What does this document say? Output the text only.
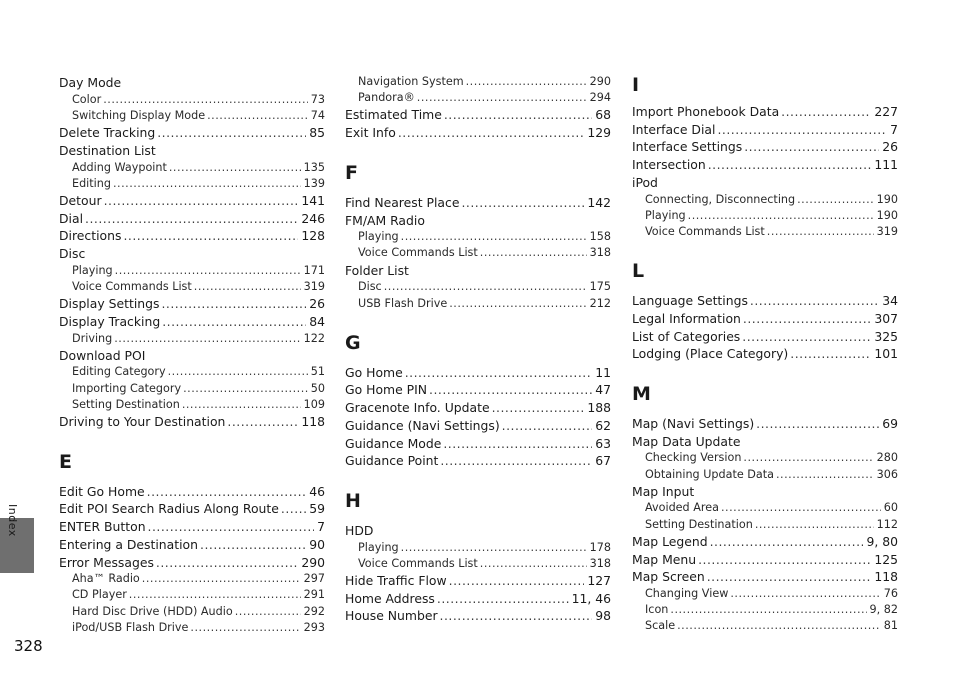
Day Mode
Color .....	73
Switching Display Mode .....	74
Delete Tracking .....	85
Destination List
Adding Waypoint .....	135
Editing .....	139
Detour .....	141
Dial .....	246
Directions .....	128
Disc
Playing .....	171
Voice Commands List .....	319
Display Settings .....	26
Display Tracking .....	84
Driving .....	122
Download POI
Editing Category .....	51
Importing Category .....	50
Setting Destination .....	109
Driving to Your Destination .....	118
E
Edit Go Home .....	46
Edit POI Search Radius Along Route ..... 59
ENTER Button .....	7
Entering a Destination .....	90
Error Messages .....	290
Aha™ Radio .....	297
CD Player .....	291
Hard Disc Drive (HDD) Audio .....	292
iPod/USB Flash Drive .....	293
Navigation System .....	290
Pandora® .....	294
Estimated Time .....	68
Exit Info .....	129
F
Find Nearest Place .....	142
FM/AM Radio
Playing .....	158
Voice Commands List .....	318
Folder List
Disc .....	175
USB Flash Drive .....	212
G
Go Home .....	11
Go Home PIN .....	47
Gracenote Info. Update .....	188
Guidance (Navi Settings) .....	62
Guidance Mode .....	63
Guidance Point .....	67
H
HDD
Playing .....	178
Voice Commands List .....	318
Hide Traffic Flow .....	127
Home Address .....	11, 46
House Number .....	98
I
Import Phonebook Data .....	227
Interface Dial .....	7
Interface Settings .....	26
Intersection .....	111
iPod
Connecting, Disconnecting .....	190
Playing .....	190
Voice Commands List .....	319
L
Language Settings .....	34
Legal Information .....	307
List of Categories .....	325
Lodging (Place Category) .....	101
M
Map (Navi Settings) .....	69
Map Data Update
Checking Version .....	280
Obtaining Update Data .....	306
Map Input
Avoided Area .....	60
Setting Destination .....	112
Map Legend .....	9, 80
Map Menu .....	125
Map Screen .....	118
Changing View .....	76
Icon .....	9, 82
Scale .....	81
Index
328
